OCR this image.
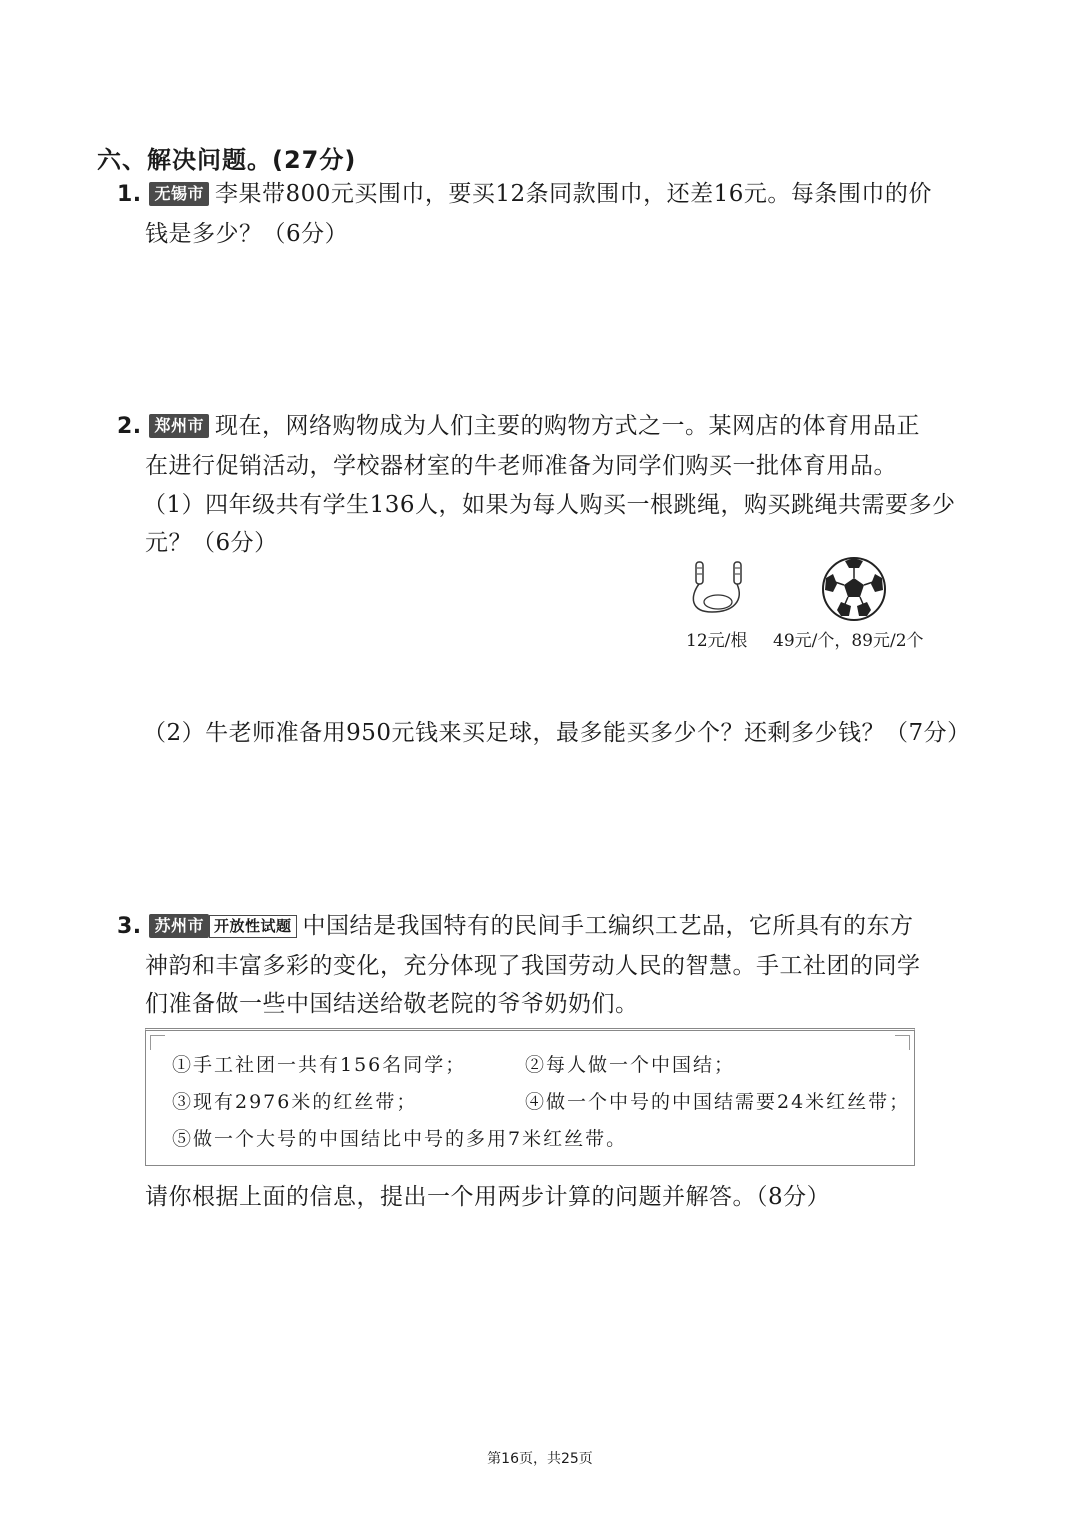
六、解决问题。(27分)
1. 无锡市 李果带800元买围巾，要买12条同款围巾，还差16元。每条围巾的价
钱是多少？（6分）
2. 郑州市 现在，网络购物成为人们主要的购物方式之一。某网店的体育用品正
在进行促销活动，学校器材室的牛老师准备为同学们购买一批体育用品。
（1）四年级共有学生136人，如果为每人购买一根跳绳，购买跳绳共需要多少
元？（6分）
12元/根 49元/个，89元/2个
（2）牛老师准备用950元钱来买足球，最多能买多少个？还剩多少钱？（7分）
3. 苏州市 开放性试题 中国结是我国特有的民间手工编织工艺品，它所具有的东方
神韵和丰富多彩的变化，充分体现了我国劳动人民的智慧。手工社团的同学
们准备做一些中国结送给敬老院的爷爷奶奶们。
①手工社团一共有156名同学；	②每人做一个中国结；
③现有2976米的红丝带；	④做一个中号的中国结需要24米红丝带；
⑤做一个大号的中国结比中号的多用7米红丝带。
请你根据上面的信息，提出一个用两步计算的问题并解答。（8分）
第16页，共25页
